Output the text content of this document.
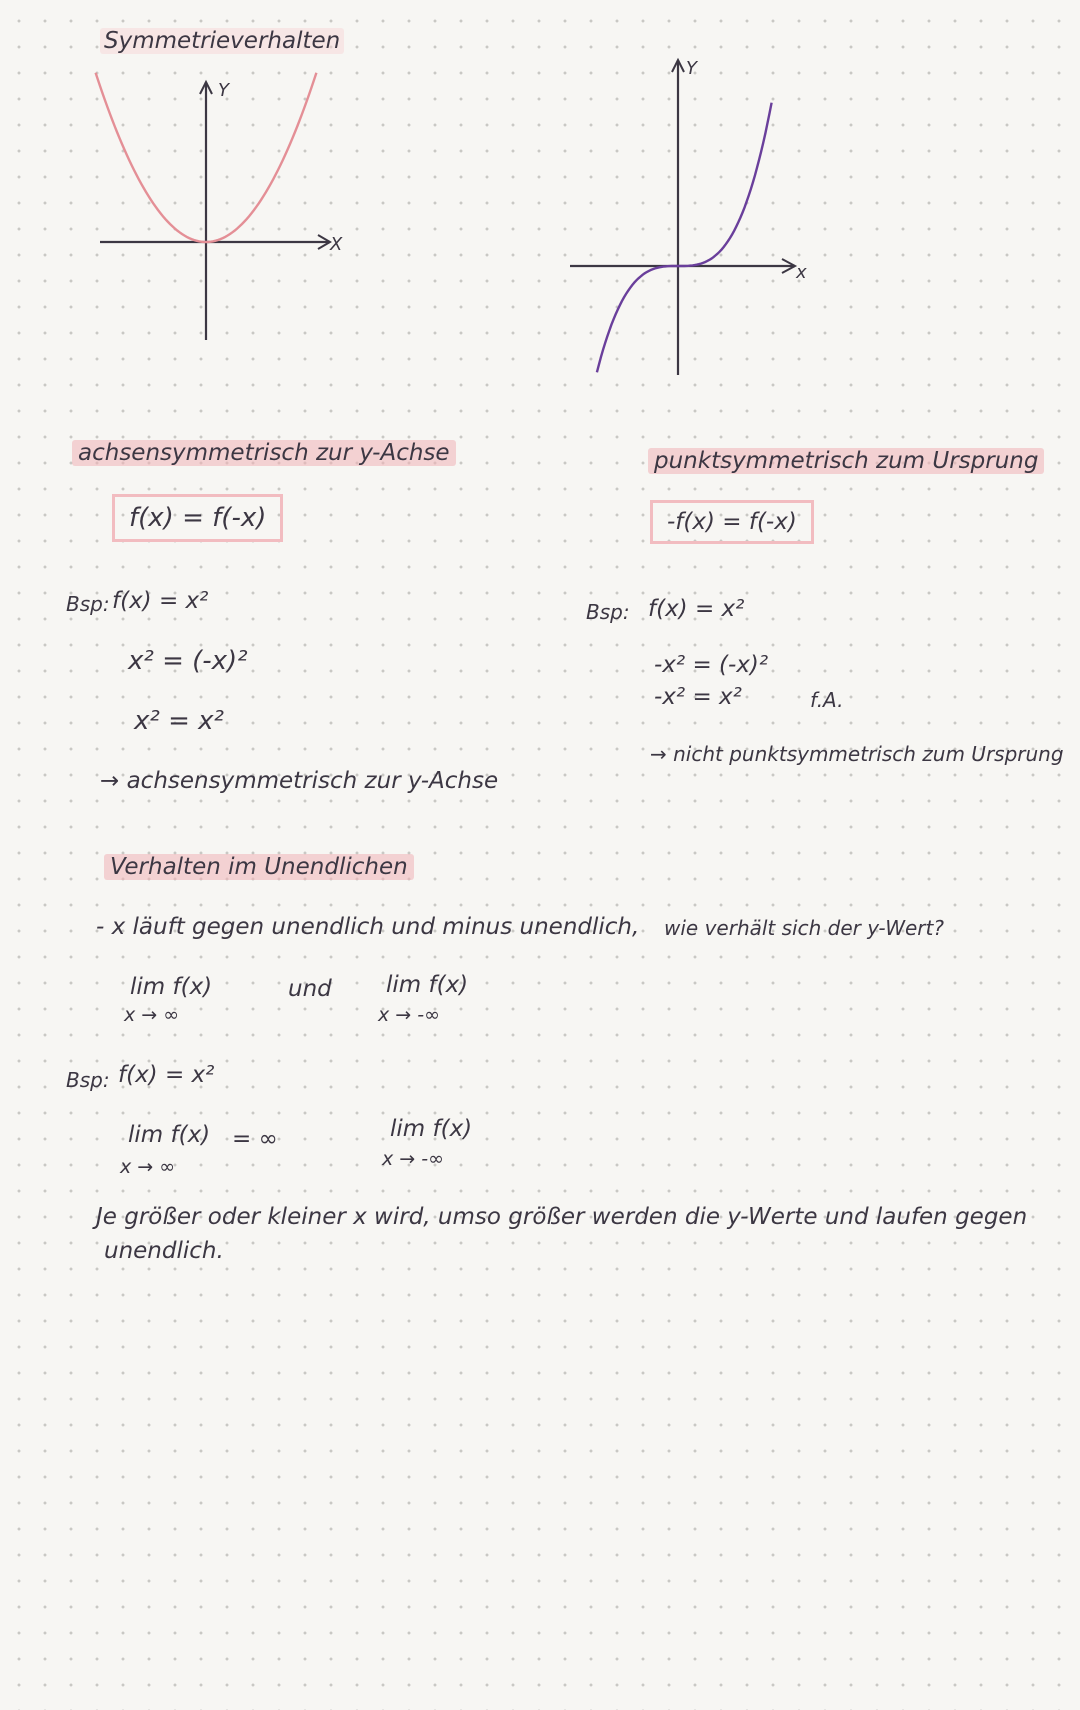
Symmetrieverhalten
Y
X
Y
x
achsensymmetrisch zur y-Achse
f(x) = f(-x)
Bsp: f(x) = x²
x² = (-x)²
x² = x²
→ achsensymmetrisch zur y-Achse
punktsymmetrisch zum Ursprung
-f(x) = f(-x)
Bsp: f(x) = x²
-x² = (-x)²
-x² = x²	f.A.
→ nicht punktsymmetrisch zum Ursprung
Verhalten im Unendlichen
- x läuft gegen unendlich und minus unendlich, wie verhält sich der y-Wert?
lim f(x)
x → ∞
und lim f(x)
x → -∞
Bsp: f(x) = x²
lim f(x)
x → ∞
= ∞	lim f(x)
x → -∞
Je größer oder kleiner x wird, umso größer werden die y-Werte und laufen gegen
unendlich.
